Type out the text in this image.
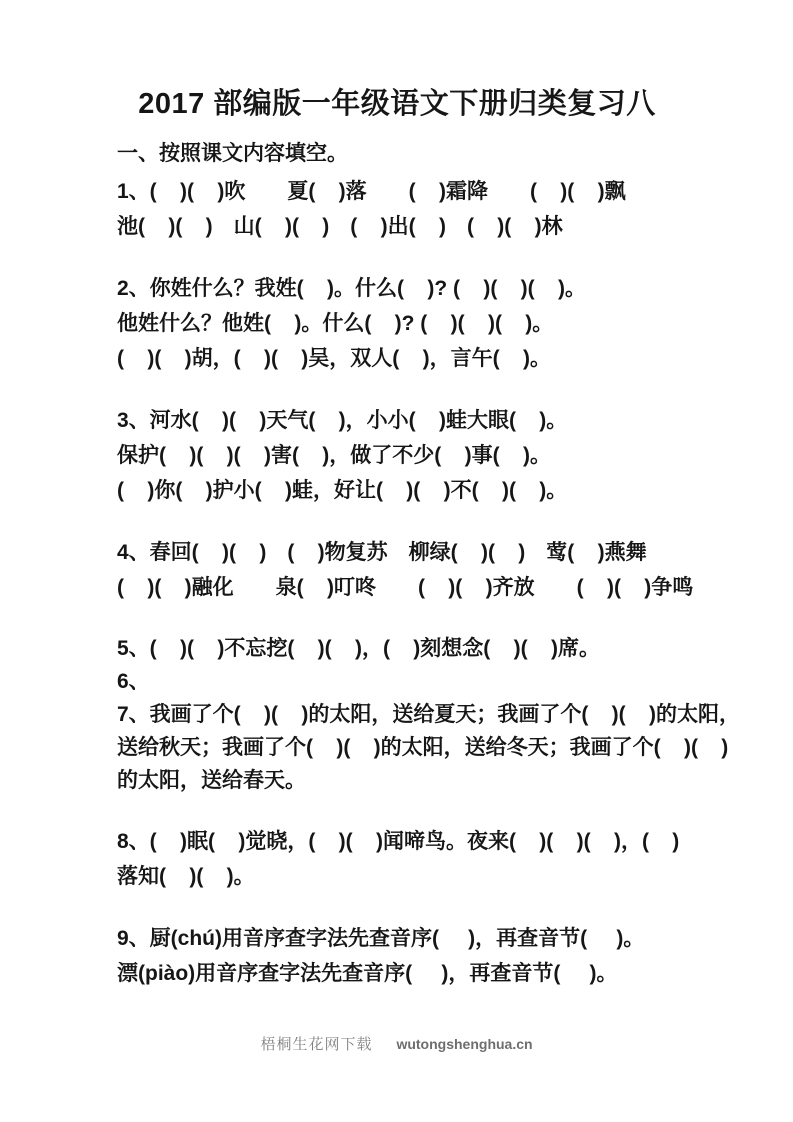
2017 部编版一年级语文下册归类复习八
一、按照课文内容填空。
1、(    )(    )吹　　夏(    )落　　(    )霜降　　(    )(    )飘
池(    )(    )　山(    )(    )　(    )出(    )　(    )(    )林
2、你姓什么？我姓(    )。什么(    )? (    )(    )(    )。
他姓什么？他姓(    )。什么(    )? (    )(    )(    )。
(    )(    )胡，(    )(    )吴，双人(    )，言午(    )。
3、河水(    )(    )天气(    )，小小(    )蛙大眼(    )。
保护(    )(    )(    )害(    )，做了不少(    )事(    )。
(    )你(    )护小(    )蛙，好让(    )(    )不(    )(    )。
4、春回(    )(    )　(    )物复苏　柳绿(    )(    )　莺(    )燕舞
(    )(    )融化　　泉(    )叮咚　　(    )(    )齐放　　(    )(    )争鸣
5、(    )(    )不忘挖(    )(    )，(    )刻想念(    )(    )席。
6、
7、我画了个(    )(    )的太阳，送给夏天；我画了个(    )(    )的太阳，
送给秋天；我画了个(    )(    )的太阳，送给冬天；我画了个(    )(    )
的太阳，送给春天。
8、(    )眠(    )觉晓，(    )(    )闻啼鸟。夜来(    )(    )(    )，(    )
落知(    )(    )。
9、厨(chú)用音序查字法先查音序(     )，再查音节(     )。
漂(piào)用音序查字法先查音序(     )，再查音节(     )。
梧桐生花网下载 wutongshenghua.cn
